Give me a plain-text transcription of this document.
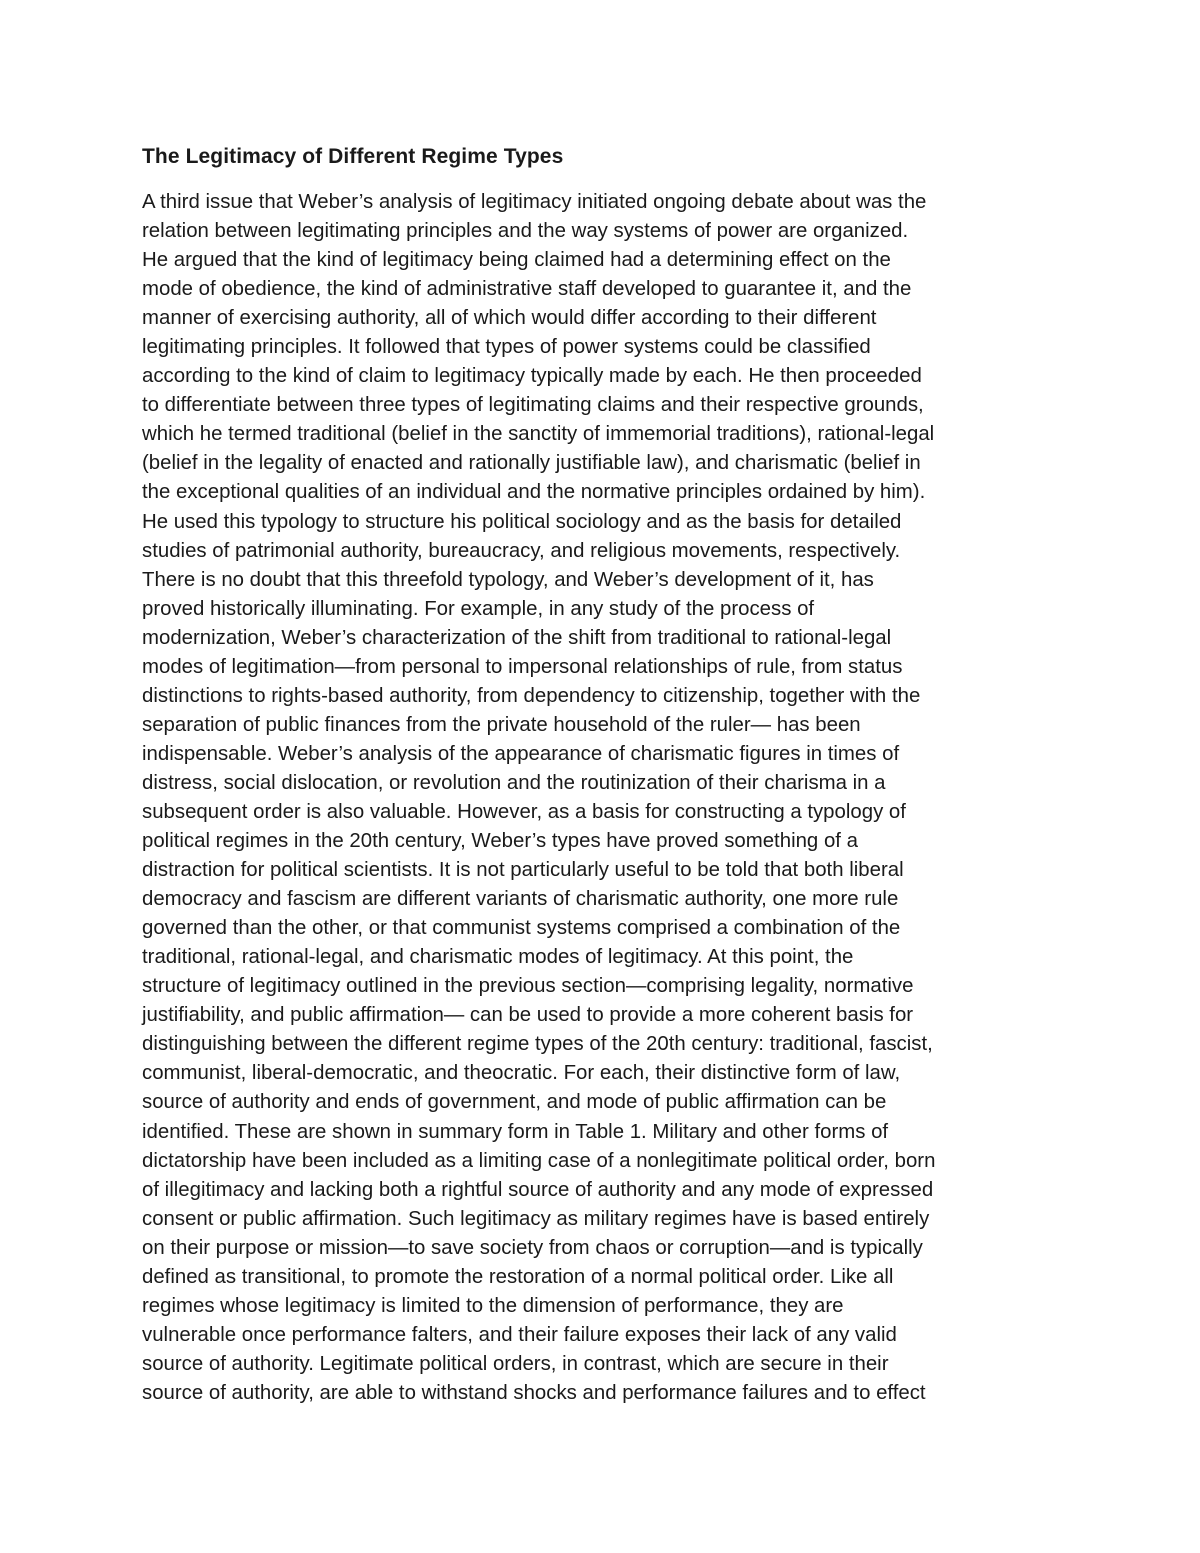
The Legitimacy of Different Regime Types
A third issue that Weber’s analysis of legitimacy initiated ongoing debate about was the
relation between legitimating principles and the way systems of power are organized.
He argued that the kind of legitimacy being claimed had a determining effect on the
mode of obedience, the kind of administrative staff developed to guarantee it, and the
manner of exercising authority, all of which would differ according to their different
legitimating principles. It followed that types of power systems could be classified
according to the kind of claim to legitimacy typically made by each. He then proceeded
to differentiate between three types of legitimating claims and their respective grounds,
which he termed traditional (belief in the sanctity of immemorial traditions), rational-legal
(belief in the legality of enacted and rationally justifiable law), and charismatic (belief in
the exceptional qualities of an individual and the normative principles ordained by him).
He used this typology to structure his political sociology and as the basis for detailed
studies of patrimonial authority, bureaucracy, and religious movements, respectively.
There is no doubt that this threefold typology, and Weber’s development of it, has
proved historically illuminating. For example, in any study of the process of
modernization, Weber’s characterization of the shift from traditional to rational-legal
modes of legitimation—from personal to impersonal relationships of rule, from status
distinctions to rights-based authority, from dependency to citizenship, together with the
separation of public finances from the private household of the ruler— has been
indispensable. Weber’s analysis of the appearance of charismatic figures in times of
distress, social dislocation, or revolution and the routinization of their charisma in a
subsequent order is also valuable. However, as a basis for constructing a typology of
political regimes in the 20th century, Weber’s types have proved something of a
distraction for political scientists. It is not particularly useful to be told that both liberal
democracy and fascism are different variants of charismatic authority, one more rule
governed than the other, or that communist systems comprised a combination of the
traditional, rational-legal, and charismatic modes of legitimacy. At this point, the
structure of legitimacy outlined in the previous section—comprising legality, normative
justifiability, and public affirmation— can be used to provide a more coherent basis for
distinguishing between the different regime types of the 20th century: traditional, fascist,
communist, liberal-democratic, and theocratic. For each, their distinctive form of law,
source of authority and ends of government, and mode of public affirmation can be
identified. These are shown in summary form in Table 1. Military and other forms of
dictatorship have been included as a limiting case of a nonlegitimate political order, born
of illegitimacy and lacking both a rightful source of authority and any mode of expressed
consent or public affirmation. Such legitimacy as military regimes have is based entirely
on their purpose or mission—to save society from chaos or corruption—and is typically
defined as transitional, to promote the restoration of a normal political order. Like all
regimes whose legitimacy is limited to the dimension of performance, they are
vulnerable once performance falters, and their failure exposes their lack of any valid
source of authority. Legitimate political orders, in contrast, which are secure in their
source of authority, are able to withstand shocks and performance failures and to effect
